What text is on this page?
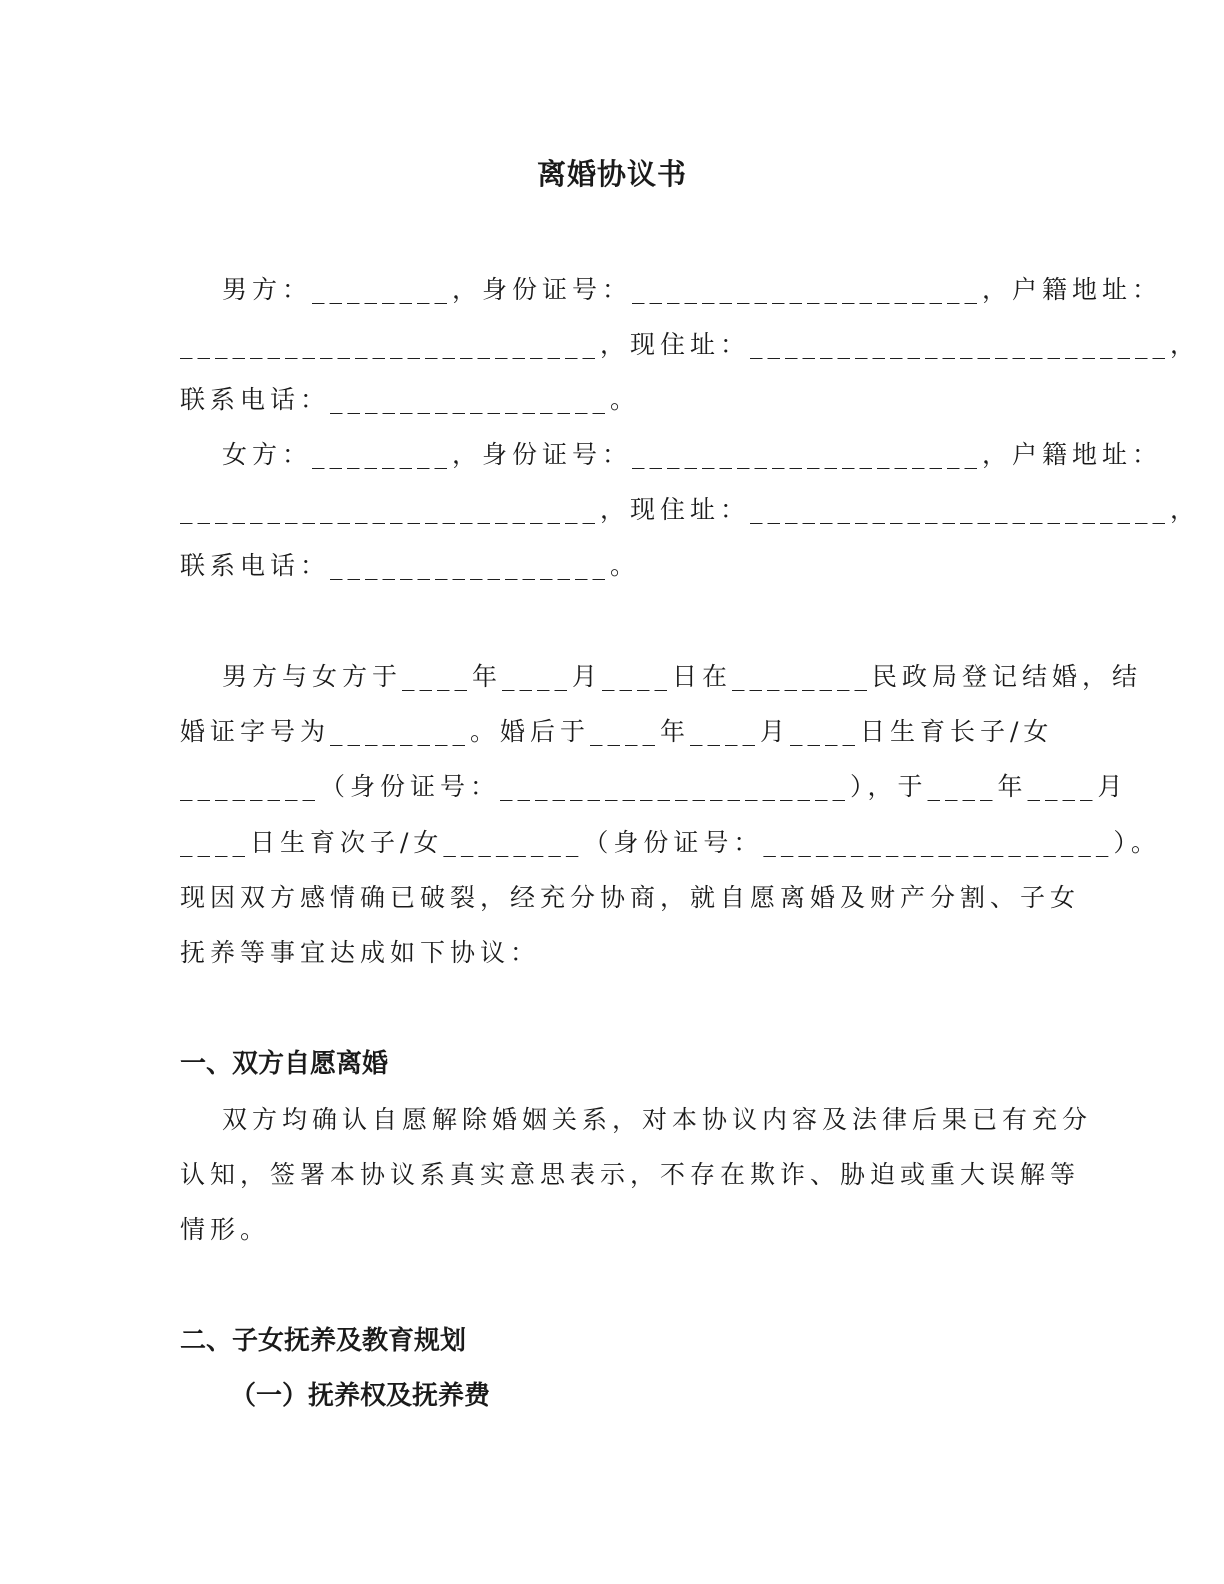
离婚协议书
男方：________，身份证号：____________________，户籍地址：
________________________，现住址：________________________，
联系电话：________________。
女方：________，身份证号：____________________，户籍地址：
________________________，现住址：________________________，
联系电话：________________。
男方与女方于____年____月____日在________民政局登记结婚，结
婚证字号为________。婚后于____年____月____日生育长子/女
________（身份证号：____________________），于____年____月
____日生育次子/女________（身份证号：____________________）。
现因双方感情确已破裂，经充分协商，就自愿离婚及财产分割、子女
抚养等事宜达成如下协议：
一、双方自愿离婚
双方均确认自愿解除婚姻关系，对本协议内容及法律后果已有充分
认知，签署本协议系真实意思表示，不存在欺诈、胁迫或重大误解等
情形。
二、子女抚养及教育规划
（一）抚养权及抚养费
